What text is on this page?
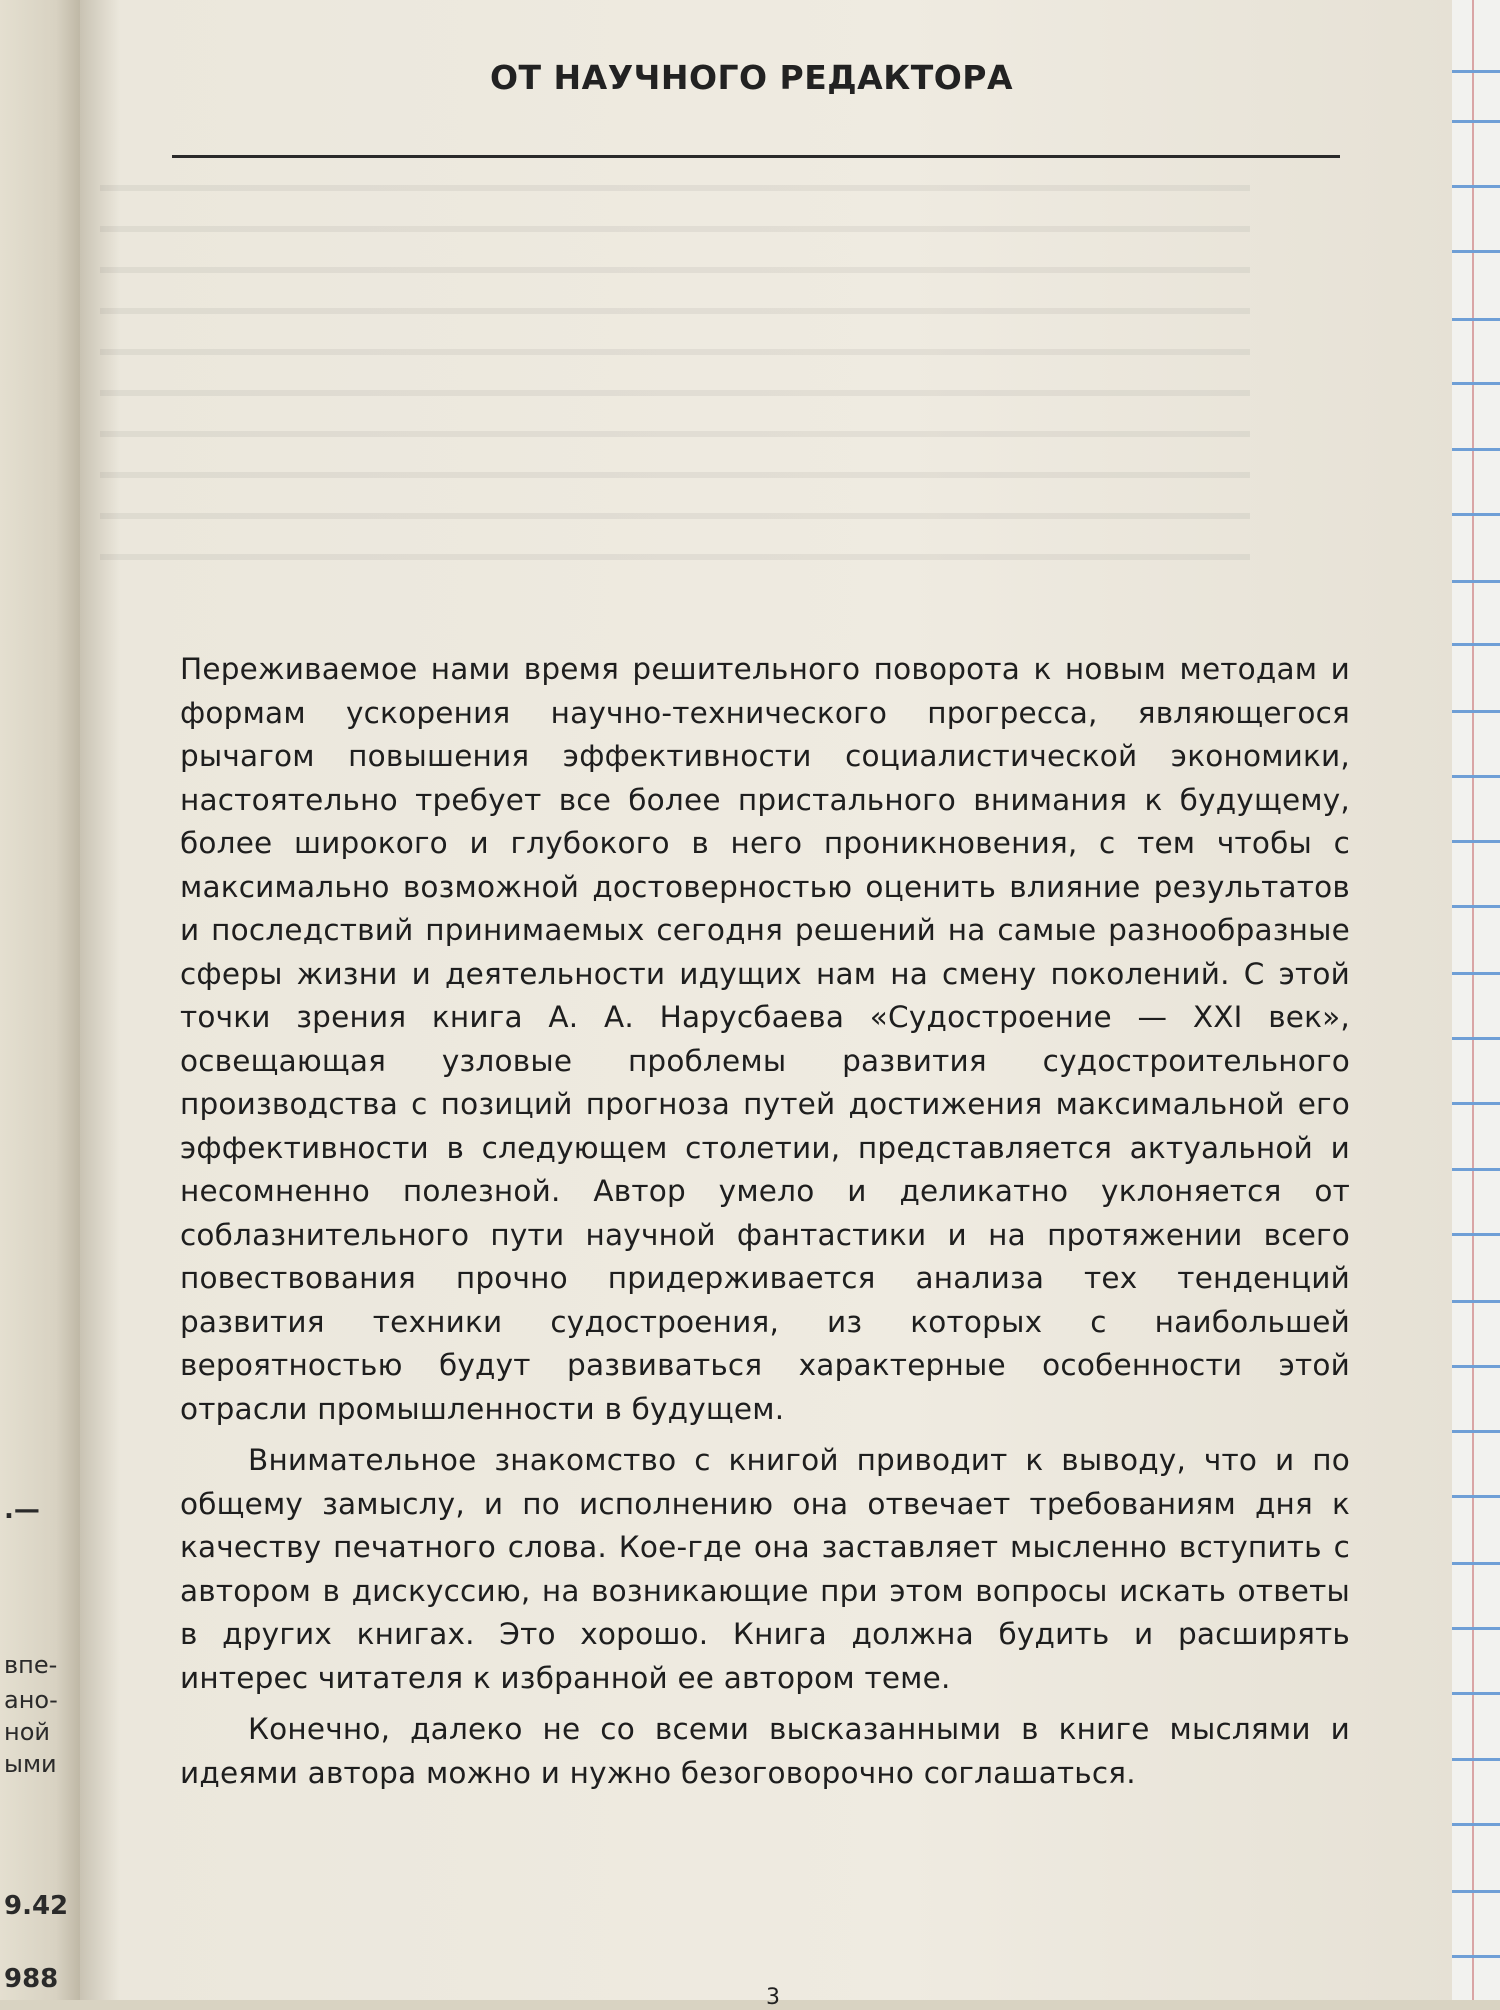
.—
впе-
ано-
ной
ыми
9.42
988
ОТ НАУЧНОГО РЕДАКТОРА

Переживаемое нами время решительного поворота к новым методам и формам ускорения научно-технического прогресса, являющегося рычагом повышения эффективности социалистической экономики, настоятельно требует все более пристального внимания к будущему, более широкого и глубокого в него проникновения, с тем чтобы с максимально возможной достоверностью оценить влияние результатов и последствий принимаемых сегодня решений на самые разнообразные сферы жизни и деятельности идущих нам на смену поколений. С этой точки зрения книга А. А. Нарусбаева «Судостроение — XXI век», освещающая узловые проблемы развития судостроительного производства с позиций прогноза путей достижения максимальной его эффективности в следующем столетии, представляется актуальной и несомненно полезной. Автор умело и деликатно уклоняется от соблазнительного пути научной фантастики и на протяжении всего повествования прочно придерживается анализа тех тенденций развития техники судостроения, из которых с наибольшей вероятностью будут развиваться характерные особенности этой отрасли промышленности в будущем.

Внимательное знакомство с книгой приводит к выводу, что и по общему замыслу, и по исполнению она отвечает требованиям дня к качеству печатного слова. Кое-где она заставляет мысленно вступить с автором в дискуссию, на возникающие при этом вопросы искать ответы в других книгах. Это хорошо. Книга должна будить и расширять интерес читателя к избранной ее автором теме.

Конечно, далеко не со всеми высказанными в книге мыслями и идеями автора можно и нужно безоговорочно соглашаться.

3
